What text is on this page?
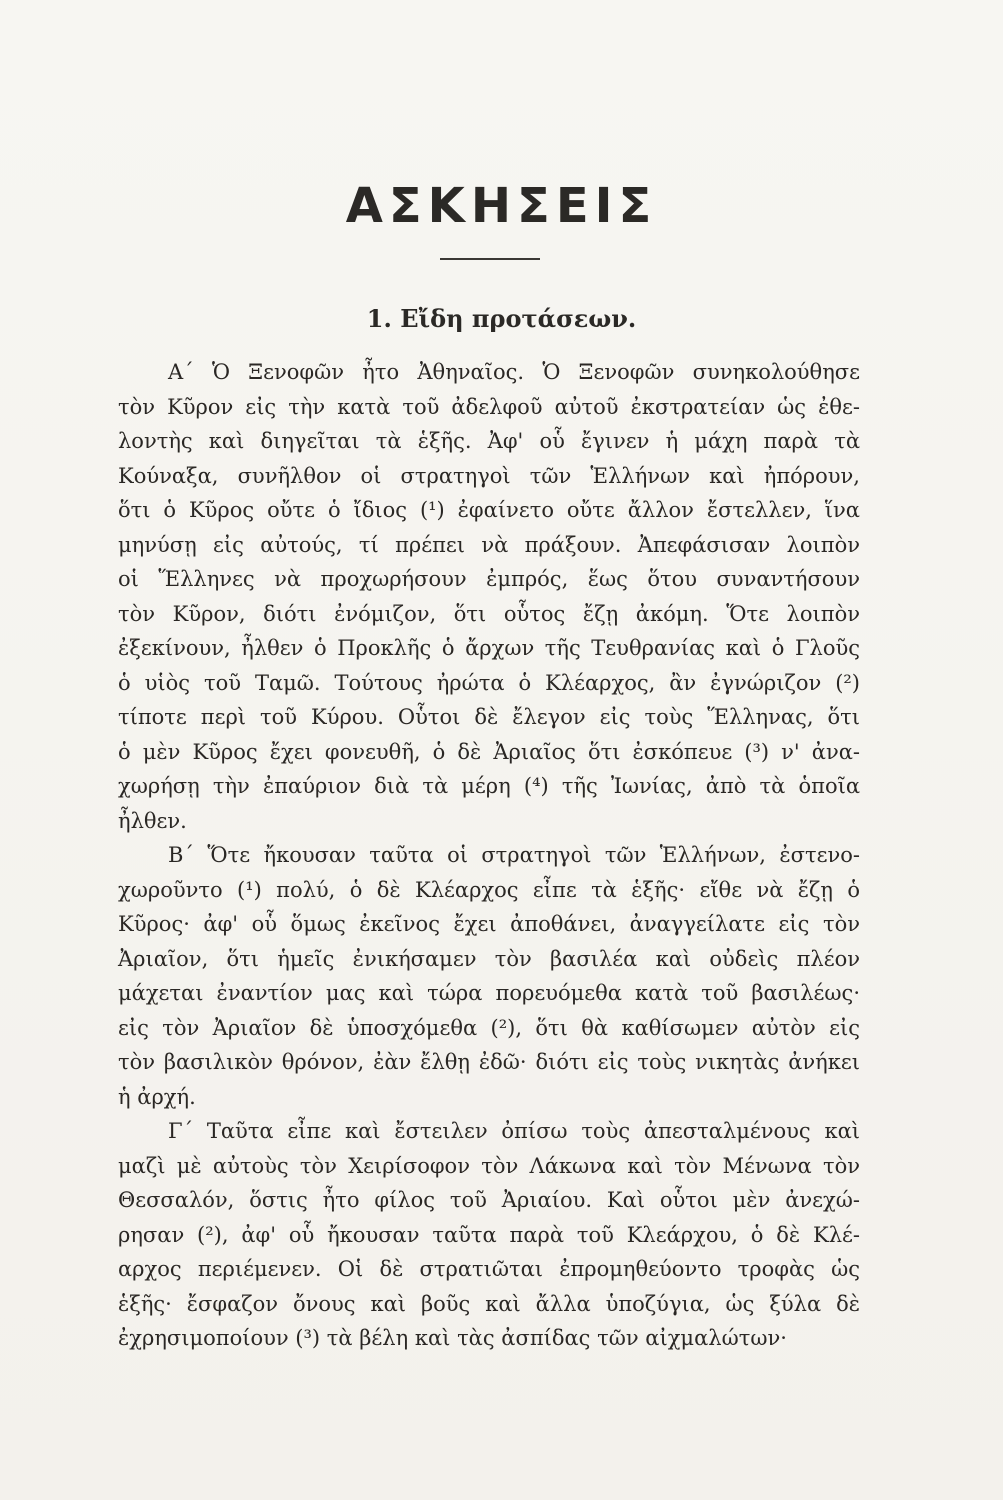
ΑΣΚΗΣΕΙΣ
1. Εἴδη προτάσεων.
Α΄ Ὁ Ξενοφῶν ἦτο Ἀθηναῖος. Ὁ Ξενοφῶν συνηκολούθησε
τὸν Κῦρον εἰς τὴν κατὰ τοῦ ἀδελφοῦ αὐτοῦ ἐκστρατείαν ὡς ἐθε-
λοντὴς καὶ διηγεῖται τὰ ἑξῆς. Ἀφ' οὗ ἔγινεν ἡ μάχη παρὰ τὰ
Κούναξα, συνῆλθον οἱ στρατηγοὶ τῶν Ἑλλήνων καὶ ἠπόρουν,
ὅτι ὁ Κῦρος οὔτε ὁ ἴδιος (¹) ἐφαίνετο οὔτε ἄλλον ἔστελλεν, ἵνα
μηνύσῃ εἰς αὐτούς, τί πρέπει νὰ πράξουν. Ἀπεφάσισαν λοιπὸν
οἱ Ἕλληνες νὰ προχωρήσουν ἐμπρός, ἕως ὅτου συναντήσουν
τὸν Κῦρον, διότι ἐνόμιζον, ὅτι οὗτος ἔζῃ ἀκόμη. Ὅτε λοιπὸν
ἐξεκίνουν, ἦλθεν ὁ Προκλῆς ὁ ἄρχων τῆς Τευθρανίας καὶ ὁ Γλοῦς
ὁ υἱὸς τοῦ Ταμῶ. Τούτους ἠρώτα ὁ Κλέαρχος, ἂν ἐγνώριζον (²)
τίποτε περὶ τοῦ Κύρου. Οὗτοι δὲ ἔλεγον εἰς τοὺς Ἕλληνας, ὅτι
ὁ μὲν Κῦρος ἔχει φονευθῆ, ὁ δὲ Ἀριαῖος ὅτι ἐσκόπευε (³) ν' ἀνα-
χωρήσῃ τὴν ἐπαύριον διὰ τὰ μέρη (⁴) τῆς Ἰωνίας, ἀπὸ τὰ ὁποῖα
ἦλθεν.
Β΄ Ὅτε ἤκουσαν ταῦτα οἱ στρατηγοὶ τῶν Ἑλλήνων, ἐστενο-
χωροῦντο (¹) πολύ, ὁ δὲ Κλέαρχος εἶπε τὰ ἑξῆς· εἴθε νὰ ἔζῃ ὁ
Κῦρος· ἀφ' οὗ ὅμως ἐκεῖνος ἔχει ἀποθάνει, ἀναγγείλατε εἰς τὸν
Ἀριαῖον, ὅτι ἡμεῖς ἐνικήσαμεν τὸν βασιλέα καὶ οὐδεὶς πλέον
μάχεται ἐναντίον μας καὶ τώρα πορευόμεθα κατὰ τοῦ βασιλέως·
εἰς τὸν Ἀριαῖον δὲ ὑποσχόμεθα (²), ὅτι θὰ καθίσωμεν αὐτὸν εἰς
τὸν βασιλικὸν θρόνον, ἐὰν ἔλθῃ ἐδῶ· διότι εἰς τοὺς νικητὰς ἀνήκει
ἡ ἀρχή.
Γ΄ Ταῦτα εἶπε καὶ ἔστειλεν ὀπίσω τοὺς ἀπεσταλμένους καὶ
μαζὶ μὲ αὐτοὺς τὸν Χειρίσοφον τὸν Λάκωνα καὶ τὸν Μένωνα τὸν
Θεσσαλόν, ὅστις ἦτο φίλος τοῦ Ἀριαίου. Καὶ οὗτοι μὲν ἀνεχώ-
ρησαν (²), ἀφ' οὗ ἤκουσαν ταῦτα παρὰ τοῦ Κλεάρχου, ὁ δὲ Κλέ-
αρχος περιέμενεν. Οἱ δὲ στρατιῶται ἐπρομηθεύοντο τροφὰς ὡς
ἑξῆς· ἔσφαζον ὄνους καὶ βοῦς καὶ ἄλλα ὑποζύγια, ὡς ξύλα δὲ
ἐχρησιμοποίουν (³) τὰ βέλη καὶ τὰς ἀσπίδας τῶν αἰχμαλώτων·
